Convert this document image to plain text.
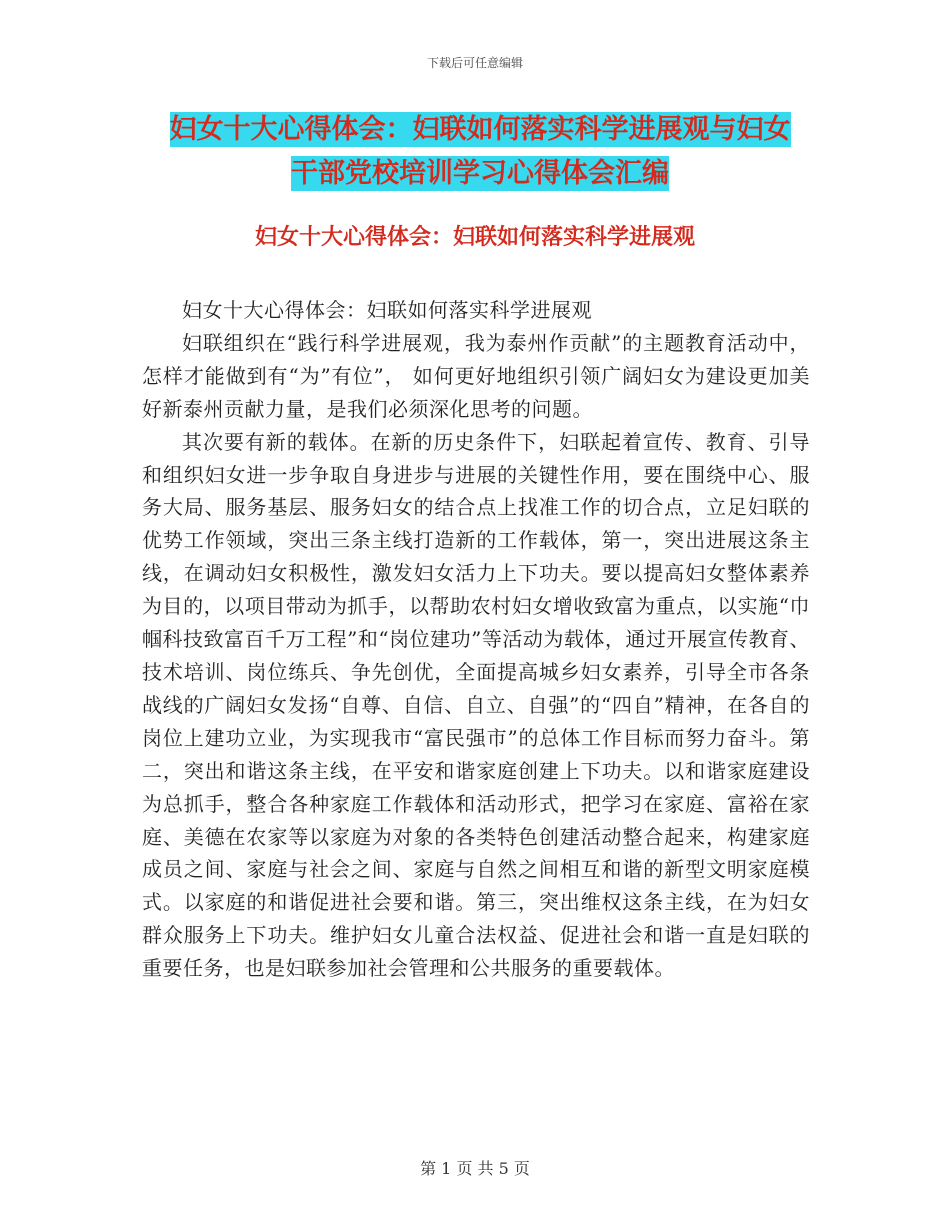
下载后可任意编辑
妇女十大心得体会：妇联如何落实科学进展观与妇女
干部党校培训学习心得体会汇编
妇女十大心得体会：妇联如何落实科学进展观

妇女十大心得体会：妇联如何落实科学进展观

妇联组织在“践行科学进展观，我为泰州作贡献”的主题教育活动中，怎样才能做到有“为”有位”， 如何更好地组织引领广阔妇女为建设更加美好新泰州贡献力量，是我们必须深化思考的问题。

其次要有新的载体。在新的历史条件下，妇联起着宣传、教育、引导和组织妇女进一步争取自身进步与进展的关键性作用，要在围绕中心、服务大局、服务基层、服务妇女的结合点上找准工作的切合点，立足妇联的优势工作领域，突出三条主线打造新的工作载体，第一，突出进展这条主线，在调动妇女积极性，激发妇女活力上下功夫。要以提高妇女整体素养为目的，以项目带动为抓手，以帮助农村妇女增收致富为重点，以实施“巾帼科技致富百千万工程”和“岗位建功”等活动为载体，通过开展宣传教育、技术培训、岗位练兵、争先创优，全面提高城乡妇女素养，引导全市各条战线的广阔妇女发扬“自尊、自信、自立、自强”的“四自”精神，在各自的岗位上建功立业，为实现我市“富民强市”的总体工作目标而努力奋斗。第二，突出和谐这条主线，在平安和谐家庭创建上下功夫。以和谐家庭建设为总抓手，整合各种家庭工作载体和活动形式，把学习在家庭、富裕在家庭、美德在农家等以家庭为对象的各类特色创建活动整合起来，构建家庭成员之间、家庭与社会之间、家庭与自然之间相互和谐的新型文明家庭模式。以家庭的和谐促进社会要和谐。第三，突出维权这条主线，在为妇女群众服务上下功夫。维护妇女儿童合法权益、促进社会和谐一直是妇联的重要任务，也是妇联参加社会管理和公共服务的重要载体。

第 1 页 共 5 页
